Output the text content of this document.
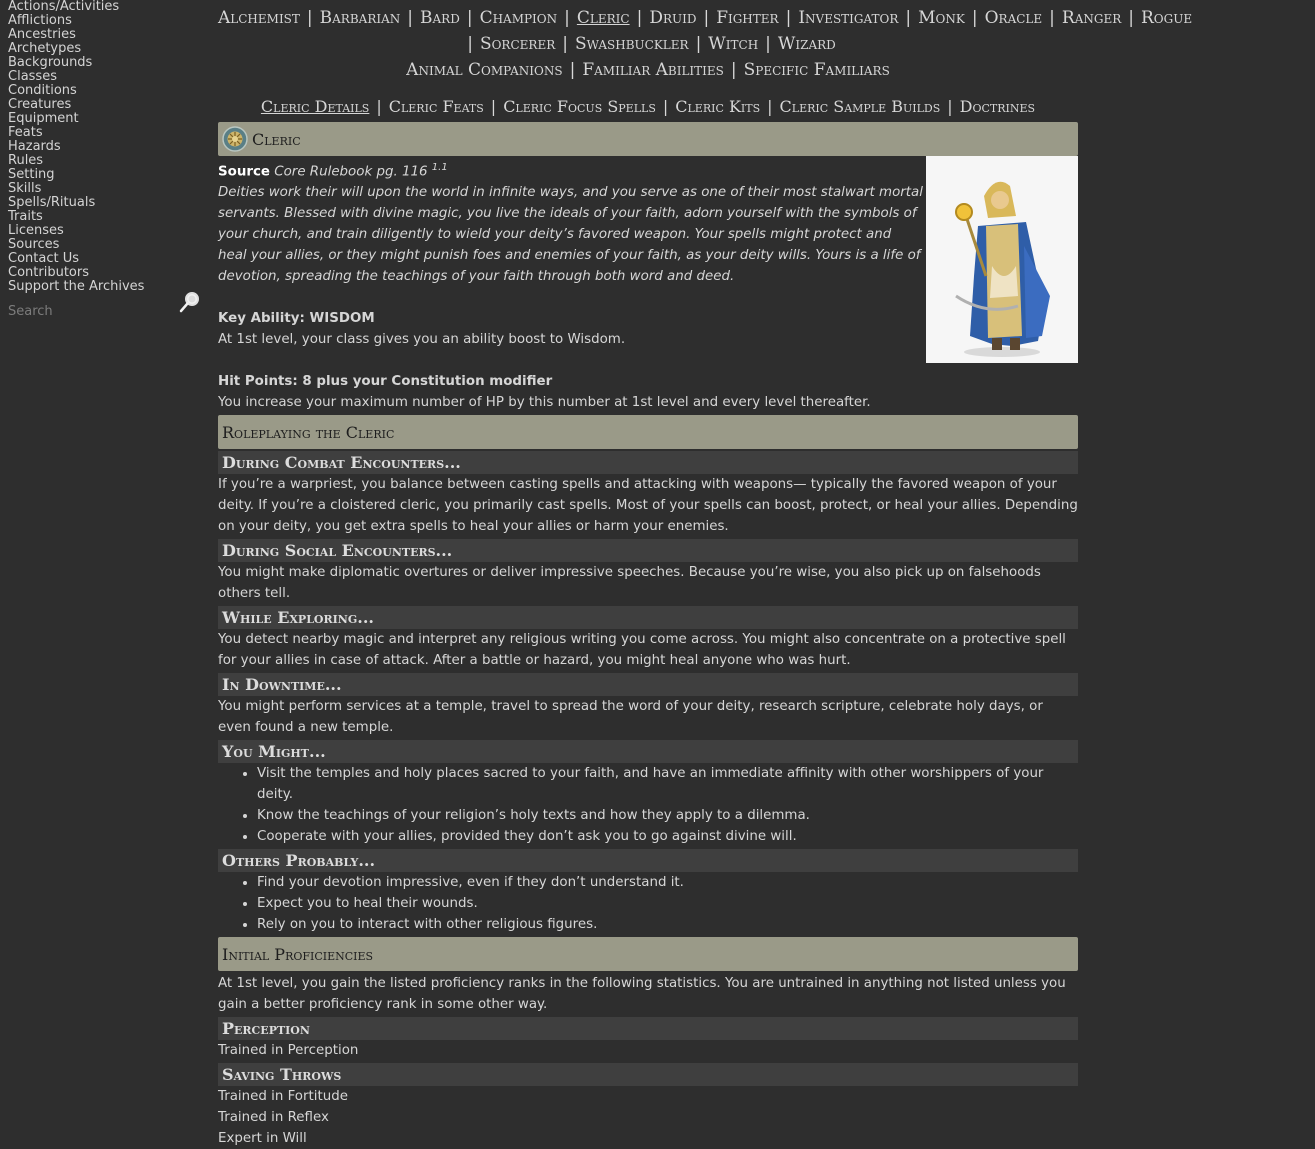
Actions/Activities
Afflictions
Ancestries
Archetypes
Backgrounds
Classes
Conditions
Creatures
Equipment
Feats
Hazards
Rules
Setting
Skills
Spells/Rituals
Traits
Licenses
Sources
Contact Us
Contributors
Support the Archives
Search
Alchemist | Barbarian | Bard | Champion | Cleric | Druid | Fighter | Investigator | Monk | Oracle | Ranger | Rogue
| Sorcerer | Swashbuckler | Witch | Wizard
Animal Companions | Familiar Abilities | Specific Familiars
Cleric Details | Cleric Feats | Cleric Focus Spells | Cleric Kits | Cleric Sample Builds | Doctrines
Cleric

Source Core Rulebook pg. 116 $^{1.1}$

Deities work their will upon the world in infinite ways, and you serve as one of their most stalwart mortal servants. Blessed with divine magic, you live the ideals of your faith, adorn yourself with the symbols of your church, and train diligently to wield your deity’s favored weapon. Your spells might protect and heal your allies, or they might punish foes and enemies of your faith, as your deity wills. Yours is a life of devotion, spreading the teachings of your faith through both word and deed.

Key Ability: WISDOM

At 1st level, your class gives you an ability boost to Wisdom.

Hit Points: 8 plus your Constitution modifier

You increase your maximum number of HP by this number at 1st level and every level thereafter.

Roleplaying the Cleric
During Combat Encounters...

If you’re a warpriest, you balance between casting spells and attacking with weapons— typically the favored weapon of your deity. If you’re a cloistered cleric, you primarily cast spells. Most of your spells can boost, protect, or heal your allies. Depending on your deity, you get extra spells to heal your allies or harm your enemies.

During Social Encounters...

You might make diplomatic overtures or deliver impressive speeches. Because you’re wise, you also pick up on falsehoods others tell.

While Exploring...

You detect nearby magic and interpret any religious writing you come across. You might also concentrate on a protective spell for your allies in case of attack. After a battle or hazard, you might heal anyone who was hurt.

In Downtime...

You might perform services at a temple, travel to spread the word of your deity, research scripture, celebrate holy days, or even found a new temple.

You Might...
• Visit the temples and holy places sacred to your faith, and have an immediate affinity with other worshippers of your deity.
• Know the teachings of your religion’s holy texts and how they apply to a dilemma.
• Cooperate with your allies, provided they don’t ask you to go against divine will.
Others Probably...
• Find your devotion impressive, even if they don’t understand it.
• Expect you to heal their wounds.
• Rely on you to interact with other religious figures.
Initial Proficiencies

At 1st level, you gain the listed proficiency ranks in the following statistics. You are untrained in anything not listed unless you gain a better proficiency rank in some other way.

Perception

Trained in Perception

Saving Throws

Trained in Fortitude

Trained in Reflex

Expert in Will
